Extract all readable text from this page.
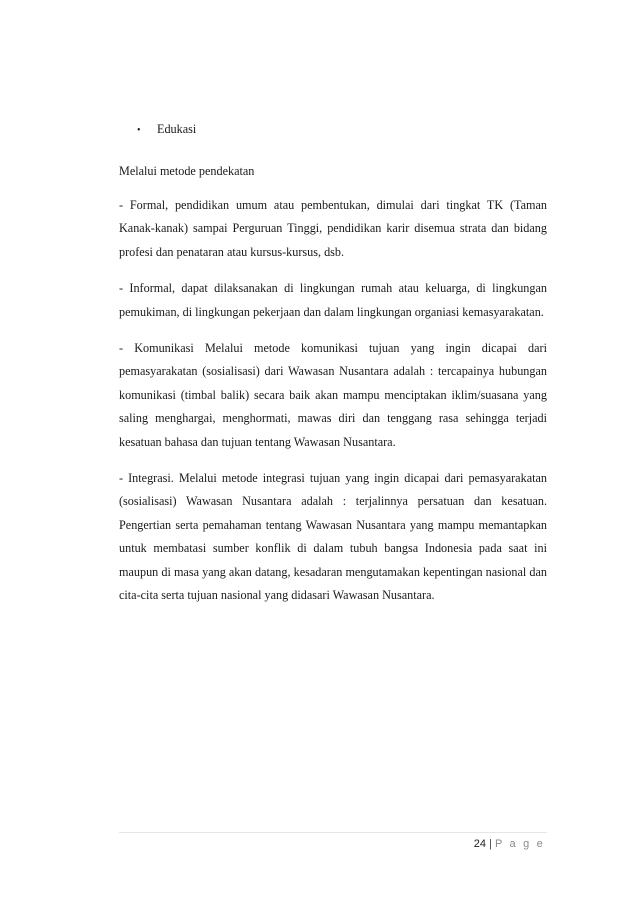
•	Edukasi

Melalui metode pendekatan

- Formal, pendidikan umum atau pembentukan, dimulai dari tingkat TK (Taman Kanak-kanak) sampai Perguruan Tinggi, pendidikan karir disemua strata dan bidang profesi dan penataran atau kursus-kursus, dsb.

- Informal, dapat dilaksanakan di lingkungan rumah atau keluarga, di lingkungan pemukiman, di lingkungan pekerjaan dan dalam lingkungan organiasi kemasyarakatan.

- Komunikasi Melalui metode komunikasi tujuan yang ingin dicapai dari pemasyarakatan (sosialisasi) dari Wawasan Nusantara adalah : tercapainya hubungan komunikasi (timbal balik) secara baik akan mampu menciptakan iklim/suasana yang saling menghargai, menghormati, mawas diri dan tenggang rasa sehingga terjadi kesatuan bahasa dan tujuan tentang Wawasan Nusantara.

- Integrasi. Melalui metode integrasi tujuan yang ingin dicapai dari pemasyarakatan (sosialisasi) Wawasan Nusantara adalah : terjalinnya persatuan dan kesatuan. Pengertian serta pemahaman tentang Wawasan Nusantara yang mampu memantapkan untuk membatasi sumber konflik di dalam tubuh bangsa Indonesia pada saat ini maupun di masa yang akan datang, kesadaran mengutamakan kepentingan nasional dan cita-cita serta tujuan nasional yang didasari Wawasan Nusantara.

24 | P a g e
